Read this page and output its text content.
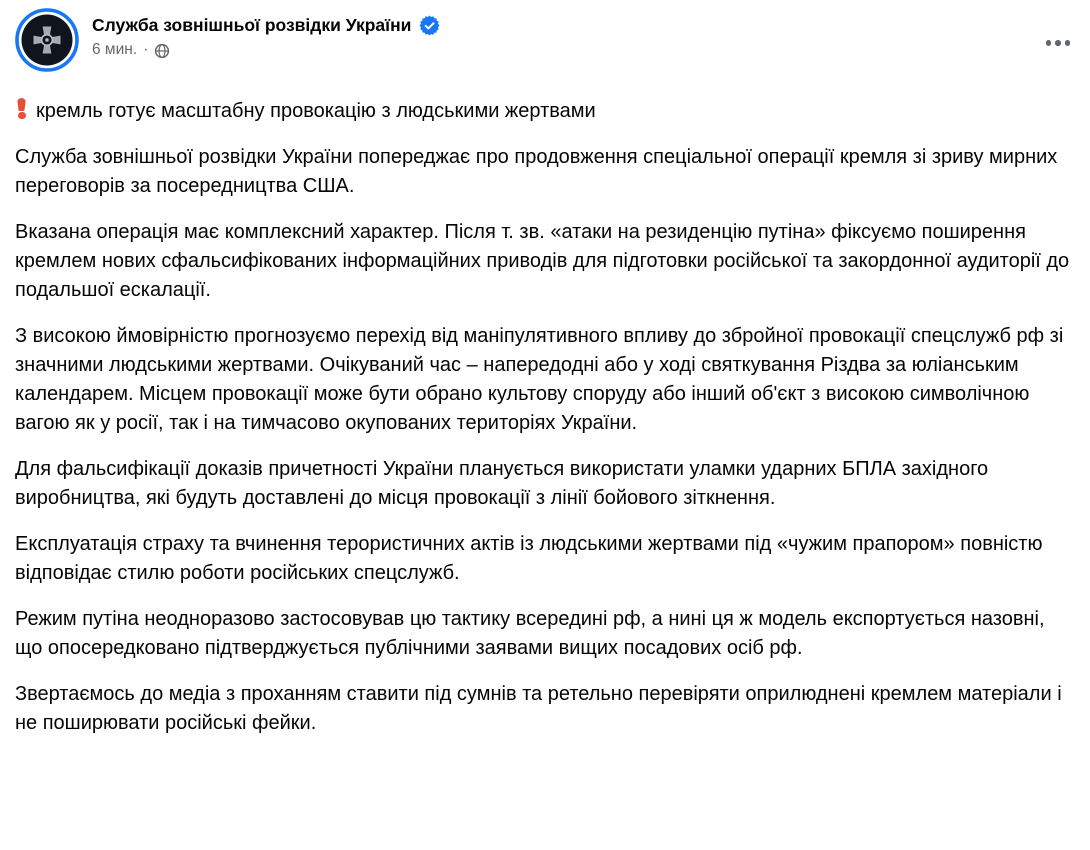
Служба зовнішньої розвідки України
6 мин. ·

кремль готує масштабну провокацію з людськими жертвами

Служба зовнішньої розвідки України попереджає про продовження спеціальної операції кремля зі зриву мирних переговорів за посередництва США.

Вказана операція має комплексний характер. Після т. зв. «атаки на резиденцію путіна» фіксуємо поширення кремлем нових сфальсифікованих інформаційних приводів для підготовки російської та закордонної аудиторії до подальшої ескалації.

З високою ймовірністю прогнозуємо перехід від маніпулятивного впливу до збройної провокації спецслужб рф зі значними людськими жертвами. Очікуваний час – напередодні або у ході святкування Різдва за юліанським календарем. Місцем провокації може бути обрано культову споруду або інший об'єкт з високою символічною вагою як у росії, так і на тимчасово окупованих територіях України.

Для фальсифікації доказів причетності України планується використати уламки ударних БПЛА західного виробництва, які будуть доставлені до місця провокації з лінії бойового зіткнення.

Експлуатація страху та вчинення терористичних актів із людськими жертвами під «чужим прапором» повністю відповідає стилю роботи російських спецслужб.

Режим путіна неодноразово застосовував цю тактику всередині рф, а нині ця ж модель експортується назовні, що опосередковано підтверджується публічними заявами вищих посадових осіб рф.

Звертаємось до медіа з проханням ставити під сумнів та ретельно перевіряти оприлюднені кремлем матеріали і не поширювати російські фейки.
